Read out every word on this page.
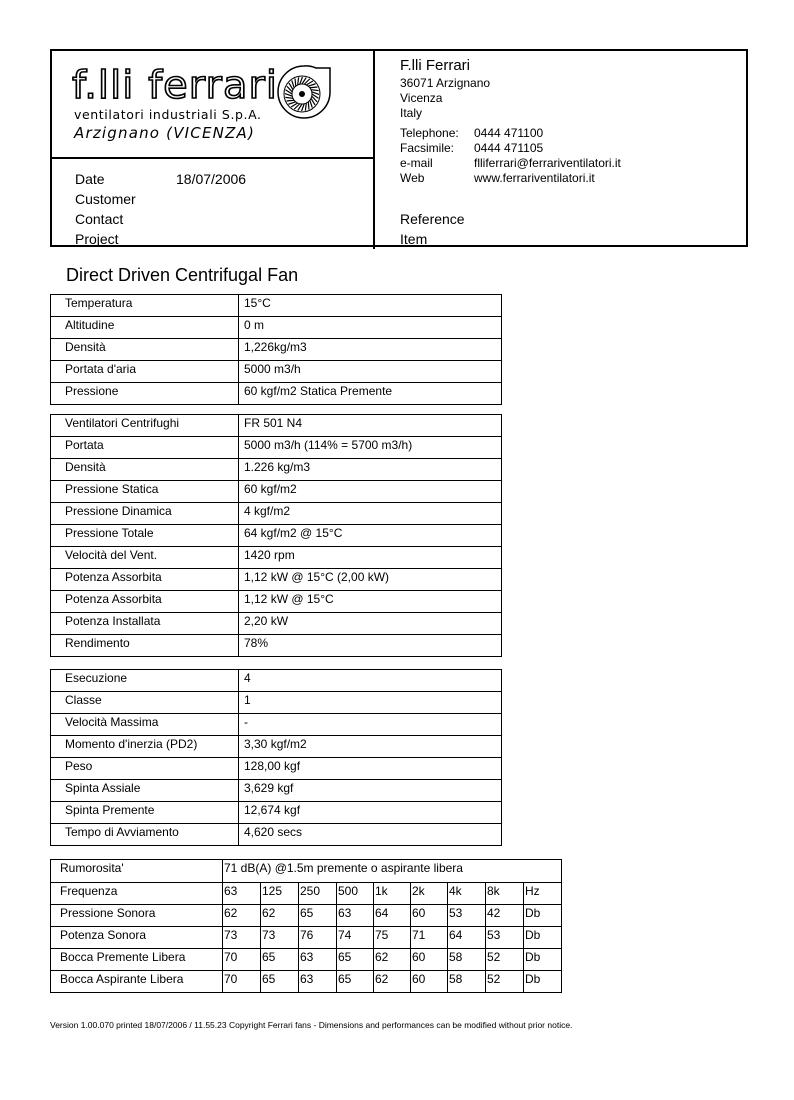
f.lli ferrari
ventilatori industriali S.p.A.
Arzignano (VICENZA)
F.lli Ferrari
36071 Arzignano
Vicenza
Italy
Telephone: 0444 471100
Facsimile: 0444 471105
e-mail	flliferrari@ferrariventilatori.it
Web	www.ferrariventilatori.it
Date	18/07/2006
Customer
Contact
Project
Reference
Item
Direct Driven Centrifugal Fan
Temperatura	15°C

Altitudine	0 m

Densità	1,226kg/m3

Portata d'aria	5000 m3/h

Pressione	60 kgf/m2 Statica Premente
Ventilatori Centrifughi	FR 501 N4

Portata	5000 m3/h (114% = 5700 m3/h)

Densità	1.226 kg/m3

Pressione Statica	60 kgf/m2

Pressione Dinamica	4 kgf/m2

Pressione Totale	64 kgf/m2 @ 15°C

Velocità del Vent.	1420 rpm

Potenza Assorbita	1,12 kW @ 15°C (2,00 kW)

Potenza Assorbita	1,12 kW @ 15°C

Potenza Installata	2,20 kW

Rendimento	78%
Esecuzione	4

Classe	1

Velocità Massima	-

Momento d'inerzia (PD2)	3,30 kgf/m2

Peso	128,00 kgf

Spinta Assiale	3,629 kgf

Spinta Premente	12,674 kgf

Tempo di Avviamento	4,620 secs
Rumorosita'	71 dB(A) @1.5m premente o aspirante libera								

Frequenza	63	125	250	500	1k	2k	4k	8k	Hz

Pressione Sonora	62	62	65	63	64	60	53	42	Db

Potenza Sonora	73	73	76	74	75	71	64	53	Db

Bocca Premente Libera	70	65	63	65	62	60	58	52	Db

Bocca Aspirante Libera	70	65	63	65	62	60	58	52	Db
Version 1.00.070 printed 18/07/2006 / 11.55.23 Copyright Ferrari fans - Dimensions and performances can be modified without prior notice.
